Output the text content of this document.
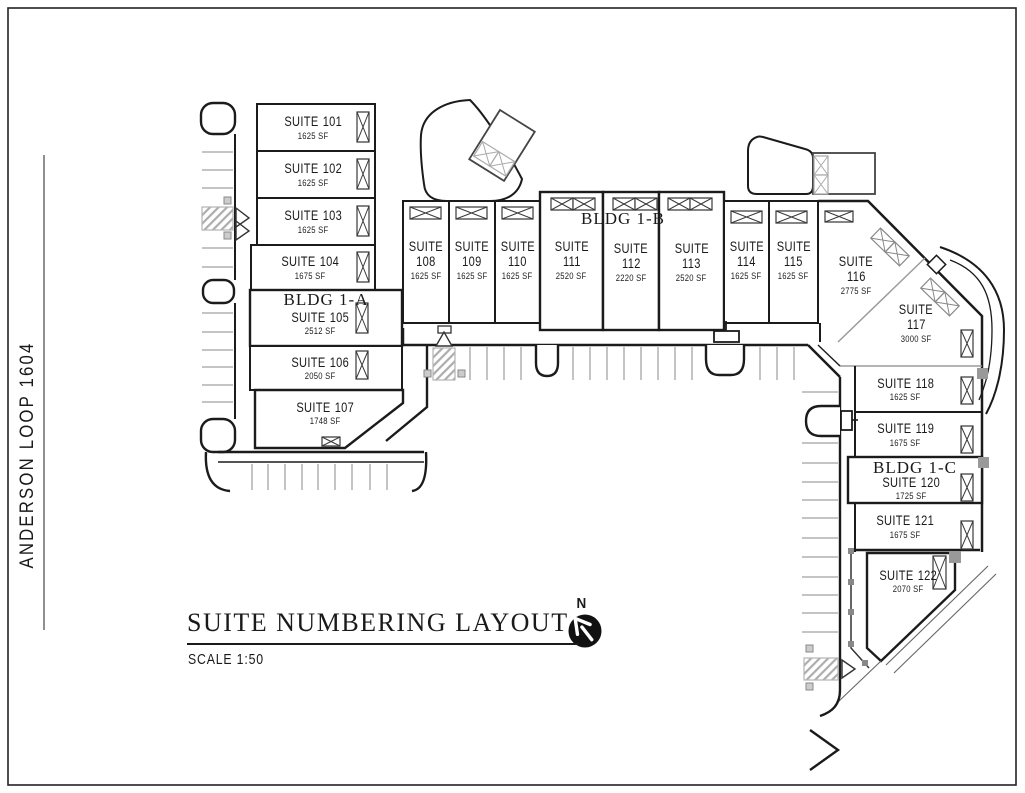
ANDERSON LOOP 1604
BLDG 1-A
BLDG 1-B
BLDG 1-C
SUITE 101
1625 SF
SUITE 102
1625 SF
SUITE 103
1625 SF
SUITE 104
1675 SF
SUITE 105
2512 SF
SUITE 106
2050 SF
SUITE 107
1748 SF
SUITE
108
1625 SF
SUITE
109
1625 SF
SUITE
110
1625 SF
SUITE
111
2520 SF
SUITE
112
2220 SF
SUITE
113
2520 SF
SUITE
114
1625 SF
SUITE
115
1625 SF
SUITE
116
2775 SF
SUITE
117
3000 SF
SUITE 118
1625 SF
SUITE 119
1675 SF
SUITE 120
1725 SF
SUITE 121
1675 SF
SUITE 122
2070 SF
SUITE NUMBERING LAYOUT
SCALE 1:50
N
